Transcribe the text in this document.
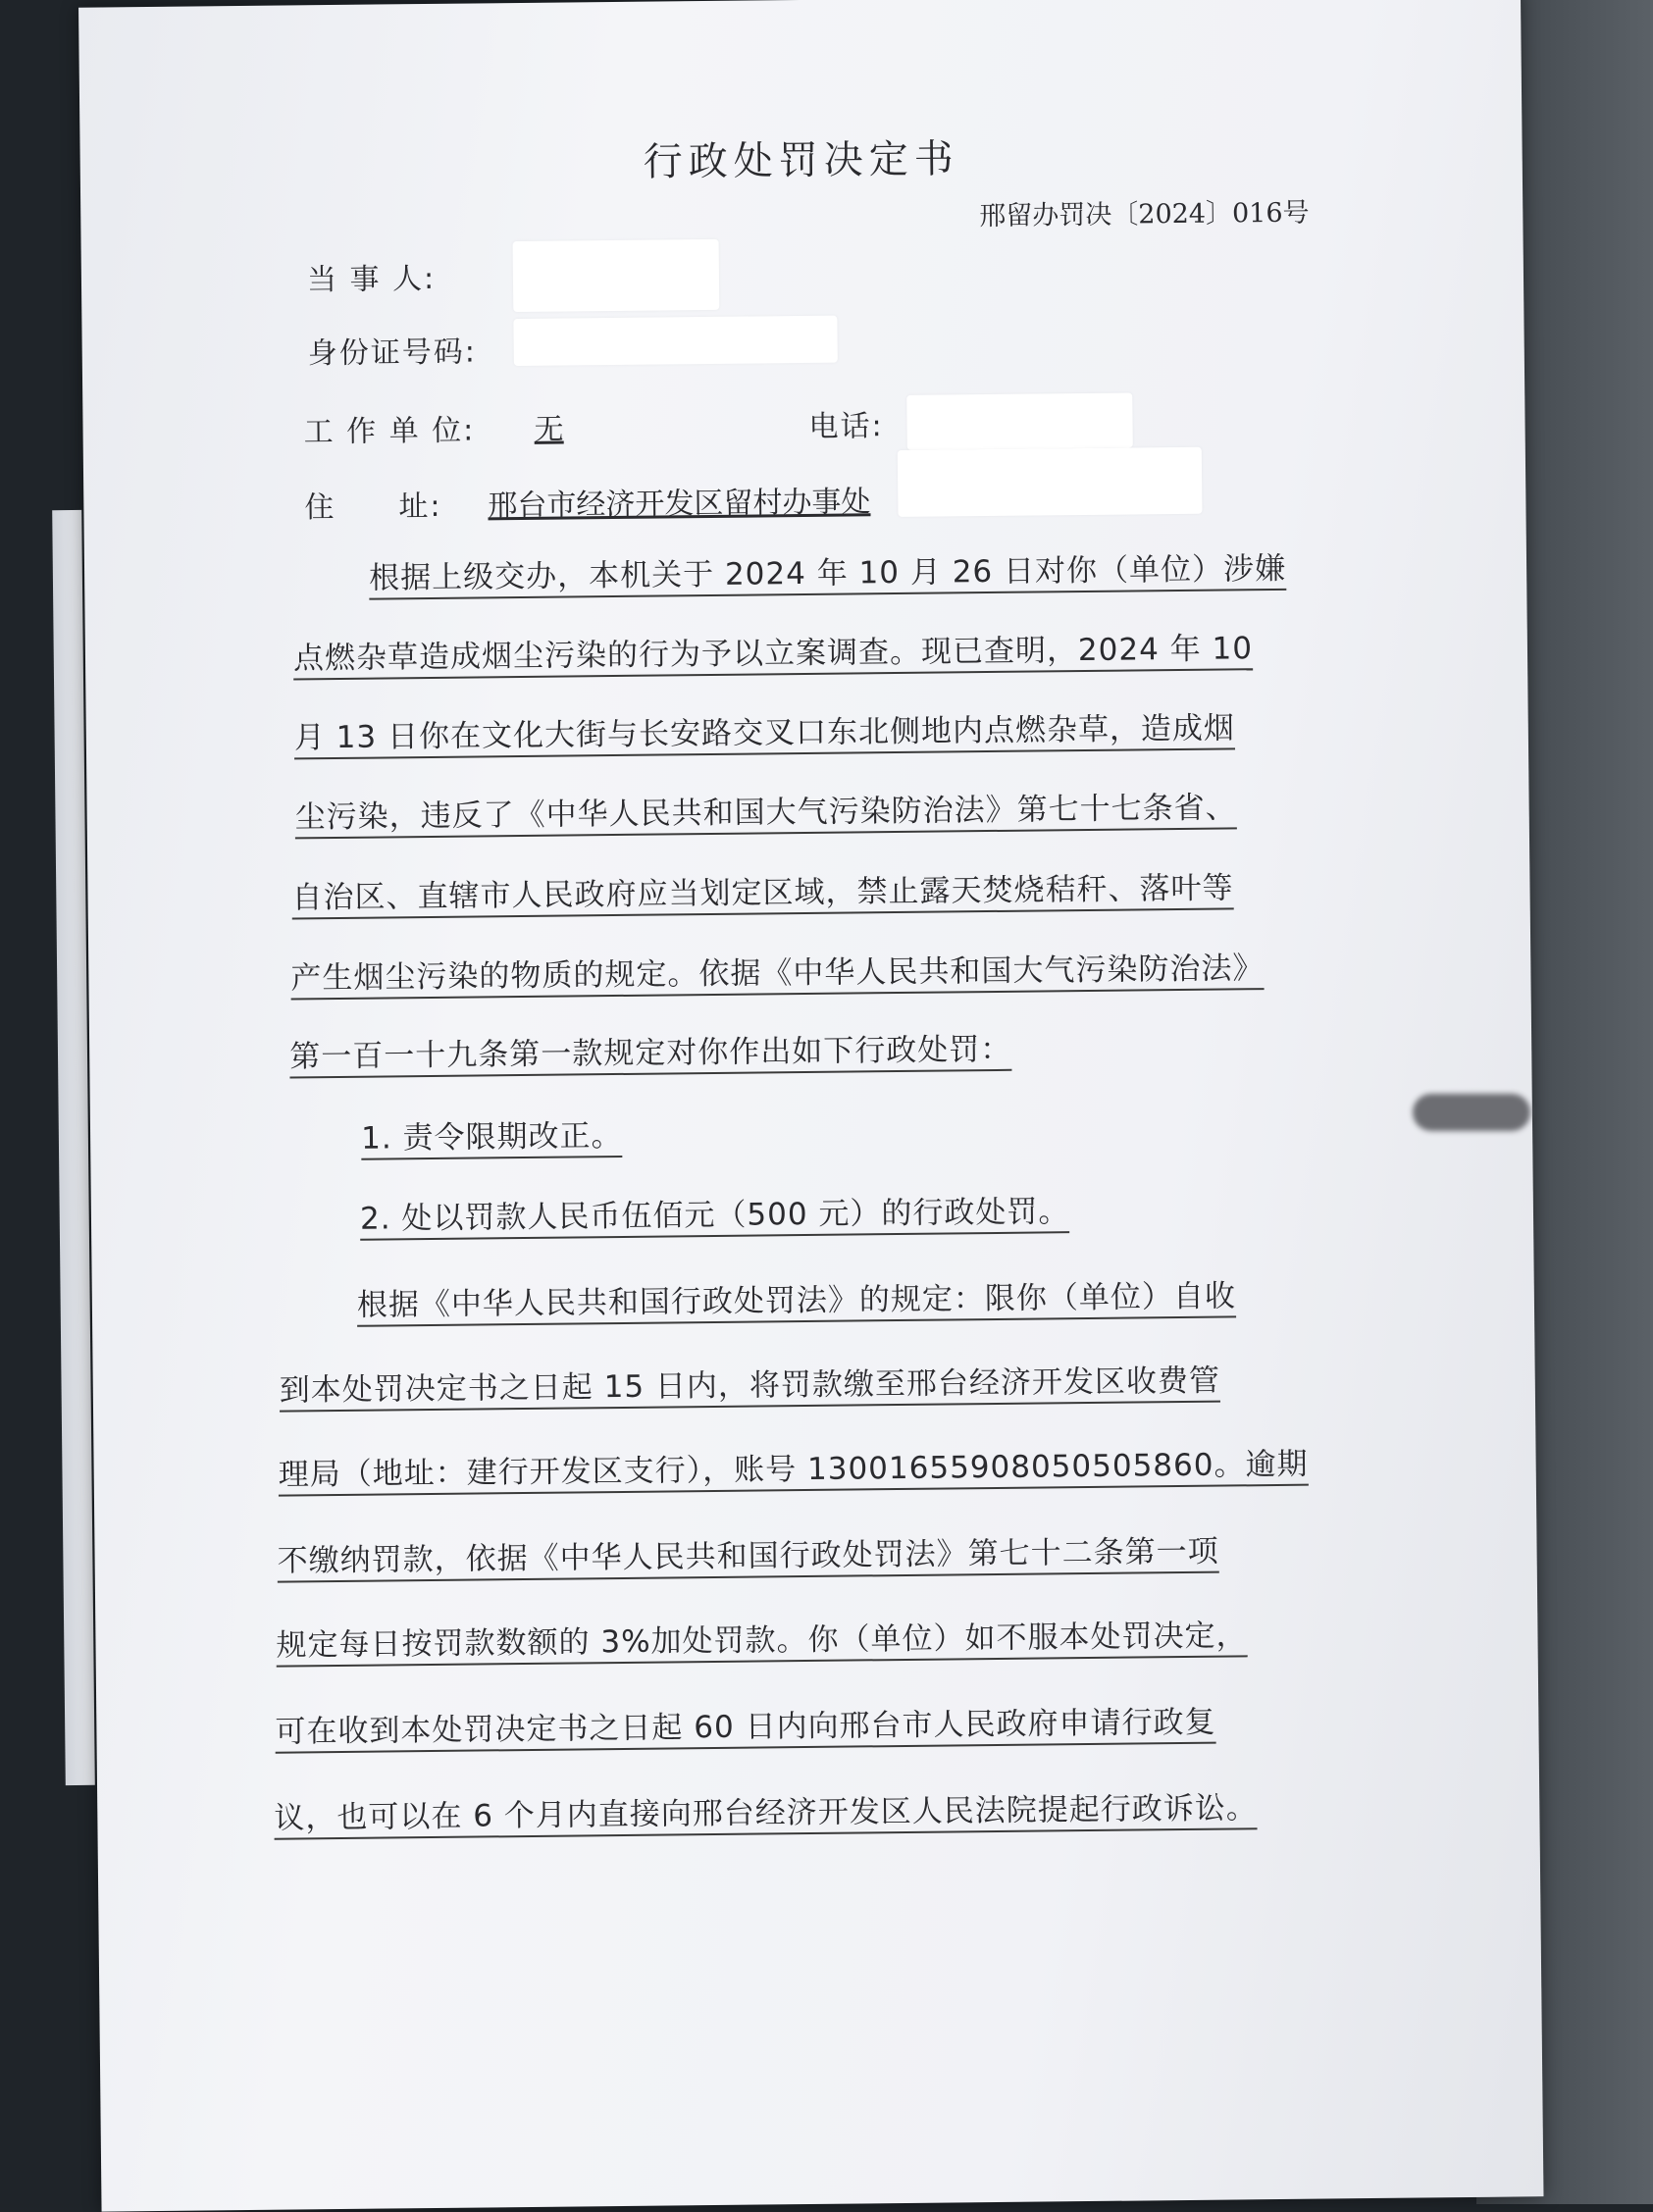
行政处罚决定书
邢留办罚决〔2024〕016号
当 事 人:
身份证号码:
工 作 单 位: 无	电话:
住　　址: 邢台市经济开发区留村办事处
根据上级交办，本机关于 2024 年 10 月 26 日对你（单位）涉嫌
点燃杂草造成烟尘污染的行为予以立案调查。现已查明，2024 年 10
月 13 日你在文化大街与长安路交叉口东北侧地内点燃杂草，造成烟
尘污染，违反了《中华人民共和国大气污染防治法》第七十七条省、
自治区、直辖市人民政府应当划定区域，禁止露天焚烧秸秆、落叶等
产生烟尘污染的物质的规定。依据《中华人民共和国大气污染防治法》
第一百一十九条第一款规定对你作出如下行政处罚：
1. 责令限期改正。
2. 处以罚款人民币伍佰元（500 元）的行政处罚。
根据《中华人民共和国行政处罚法》的规定：限你（单位）自收
到本处罚决定书之日起 15 日内，将罚款缴至邢台经济开发区收费管
理局（地址：建行开发区支行），账号 13001655908050505860。逾期
不缴纳罚款，依据《中华人民共和国行政处罚法》第七十二条第一项
规定每日按罚款数额的 3%加处罚款。你（单位）如不服本处罚决定，
可在收到本处罚决定书之日起 60 日内向邢台市人民政府申请行政复
议，也可以在 6 个月内直接向邢台经济开发区人民法院提起行政诉讼。
